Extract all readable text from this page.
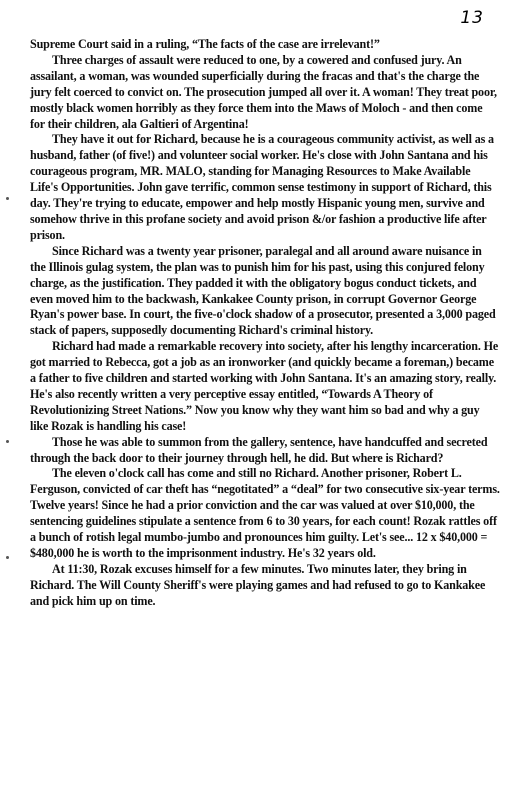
13

Supreme Court said in a ruling, “The facts of the case are irrelevant!”

Three charges of assault were reduced to one, by a cowered and confused jury. An assailant, a woman, was wounded superficially during the fracas and that's the charge the jury felt coerced to convict on. The prosecution jumped all over it. A woman! They treat poor, mostly black women horribly as they force them into the Maws of Moloch - and then come for their children, ala Galtieri of Argentina!

They have it out for Richard, because he is a courageous community activist, as well as a husband, father (of five!) and volunteer social worker. He's close with John Santana and his courageous program, MR. MALO, standing for Managing Resources to Make Available Life's Opportunities. John gave terrific, common sense testimony in support of Richard, this day. They're trying to educate, empower and help mostly Hispanic young men, survive and somehow thrive in this profane society and avoid prison &/or fashion a productive life after prison.

Since Richard was a twenty year prisoner, paralegal and all around aware nuisance in the Illinois gulag system, the plan was to punish him for his past, using this conjured felony charge, as the justification. They padded it with the obligatory bogus conduct tickets, and even moved him to the backwash, Kankakee County prison, in corrupt Governor George Ryan's power base. In court, the five-o'clock shadow of a prosecutor, presented a 3,000 paged stack of papers, supposedly documenting Richard's criminal history.

Richard had made a remarkable recovery into society, after his lengthy incarceration. He got married to Rebecca, got a job as an ironworker (and quickly became a foreman,) became a father to five children and started working with John Santana. It's an amazing story, really. He's also recently written a very perceptive essay entitled, “Towards A Theory of Revolutionizing Street Nations.” Now you know why they want him so bad and why a guy like Rozak is handling his case!

Those he was able to summon from the gallery, sentence, have handcuffed and secreted through the back door to their journey through hell, he did. But where is Richard?

The eleven o'clock call has come and still no Richard. Another prisoner, Robert L. Ferguson, convicted of car theft has “negotitated” a “deal” for two consecutive six-year terms. Twelve years! Since he had a prior conviction and the car was valued at over $10,000, the sentencing guidelines stipulate a sentence from 6 to 30 years, for each count! Rozak rattles off a bunch of rotish legal mumbo-jumbo and pronounces him guilty. Let's see... 12 x $40,000 = $480,000 he is worth to the imprisonment industry. He's 32 years old.

At 11:30, Rozak excuses himself for a few minutes. Two minutes later, they bring in Richard. The Will County Sheriff's were playing games and had refused to go to Kankakee and pick him up on time.
